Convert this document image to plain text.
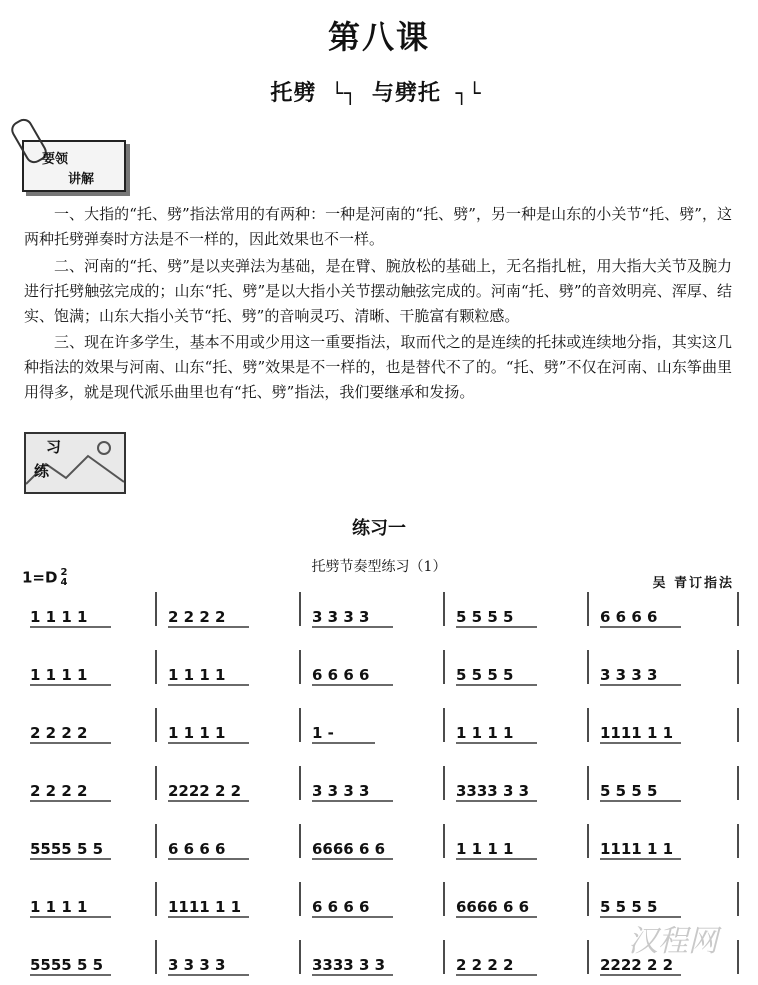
第八课
托劈 └┐ 与劈托 ┐└
要领
讲解

一、大指的“托、劈”指法常用的有两种：一种是河南的“托、劈”，另一种是山东的小关节“托、劈”，这两种托劈弹奏时方法是不一样的，因此效果也不一样。

二、河南的“托、劈”是以夹弹法为基础，是在臂、腕放松的基础上，无名指扎桩，用大指大关节及腕力进行托劈触弦完成的；山东“托、劈”是以大指小关节摆动触弦完成的。河南“托、劈”的音效明亮、浑厚、结实、饱满；山东大指小关节“托、劈”的音响灵巧、清晰、干脆富有颗粒感。

三、现在许多学生，基本不用或少用这一重要指法，取而代之的是连续的托抹或连续地分指，其实这几种指法的效果与河南、山东“托、劈”效果是不一样的，也是替代不了的。“托、劈”不仅在河南、山东筝曲里用得多，就是现代派乐曲里也有“托、劈”指法，我们要继承和发扬。

习
练
练习一
托劈节奏型练习（1）
1=D 2
4	吴 青订指法
1 1 1 1	2 2 2 2	3 3 3 3	5 5 5 5	6 6 6 6
1 1 1 1	1 1 1 1	6 6 6 6	5 5 5 5	3 3 3 3
2 2 2 2	1 1 1 1	1 -	1 1 1 1	1111 1 1
2 2 2 2	2222 2 2	3 3 3 3	3333 3 3	5 5 5 5
5555 5 5	6 6 6 6	6666 6 6	1 1 1 1	1111 1 1
1 1 1 1	1111 1 1	6 6 6 6	6666 6 6	5 5 5 5
5555 5 5	3 3 3 3	3333 3 3	2 2 2 2	2222 2 2
汉程网
